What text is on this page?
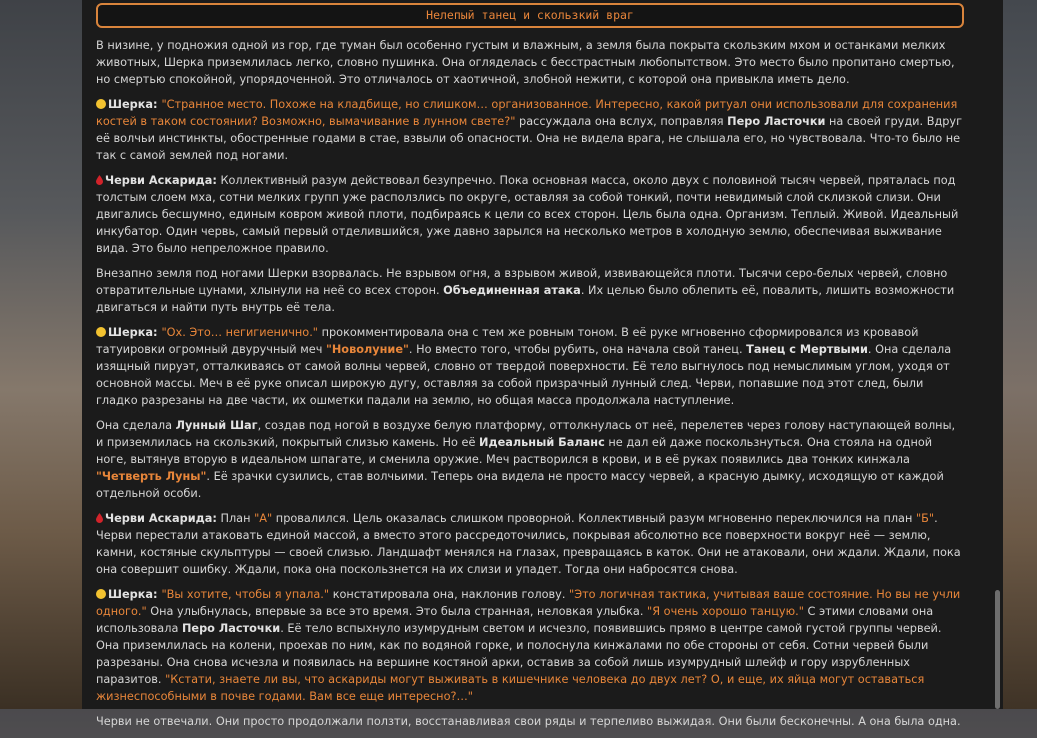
Нелепый танец и скользкий враг

В низине, у подножия одной из гор, где туман был особенно густым и влажным, а земля была покрыта скользким мхом и останками мелких животных, Шерка приземлилась легко, словно пушинка. Она огляделась с бесстрастным любопытством. Это место было пропитано смертью, но смертью спокойной, упорядоченной. Это отличалось от хаотичной, злобной нежити, с которой она привыкла иметь дело.

Шерка: "Странное место. Похоже на кладбище, но слишком… организованное. Интересно, какой ритуал они использовали для сохранения костей в таком состоянии? Возможно, вымачивание в лунном свете?" рассуждала она вслух, поправляя Перо Ласточки на своей груди. Вдруг её волчьи инстинкты, обостренные годами в стае, взвыли об опасности. Она не видела врага, не слышала его, но чувствовала. Что-то было не так с самой землей под ногами.

Черви Аскарида: Коллективный разум действовал безупречно. Пока основная масса, около двух с половиной тысяч червей, пряталась под толстым слоем мха, сотни мелких групп уже расползлись по округе, оставляя за собой тонкий, почти невидимый слой склизкой слизи. Они двигались бесшумно, единым ковром живой плоти, подбираясь к цели со всех сторон. Цель была одна. Организм. Теплый. Живой. Идеальный инкубатор. Один червь, самый первый отделившийся, уже давно зарылся на несколько метров в холодную землю, обеспечивая выживание вида. Это было непреложное правило.

Внезапно земля под ногами Шерки взорвалась. Не взрывом огня, а взрывом живой, извивающейся плоти. Тысячи серо-белых червей, словно отвратительные цунами, хлынули на неё со всех сторон. Объединенная атака. Их целью было облепить её, повалить, лишить возможности двигаться и найти путь внутрь её тела.

Шерка: "Ох. Это… негигиенично." прокомментировала она с тем же ровным тоном. В её руке мгновенно сформировался из кровавой татуировки огромный двуручный меч "Новолуние". Но вместо того, чтобы рубить, она начала свой танец. Танец с Мертвыми. Она сделала изящный пируэт, отталкиваясь от самой волны червей, словно от твердой поверхности. Её тело выгнулось под немыслимым углом, уходя от основной массы. Меч в её руке описал широкую дугу, оставляя за собой призрачный лунный след. Черви, попавшие под этот след, были гладко разрезаны на две части, их ошметки падали на землю, но общая масса продолжала наступление.

Она сделала Лунный Шаг, создав под ногой в воздухе белую платформу, оттолкнулась от неё, перелетев через голову наступающей волны, и приземлилась на скользкий, покрытый слизью камень. Но её Идеальный Баланс не дал ей даже поскользнуться. Она стояла на одной ноге, вытянув вторую в идеальном шпагате, и сменила оружие. Меч растворился в крови, и в её руках появились два тонких кинжала "Четверть Луны". Её зрачки сузились, став волчьими. Теперь она видела не просто массу червей, а красную дымку, исходящую от каждой отдельной особи.

Черви Аскарида: План "А" провалился. Цель оказалась слишком проворной. Коллективный разум мгновенно переключился на план "Б". Черви перестали атаковать единой массой, а вместо этого рассредоточились, покрывая абсолютно все поверхности вокруг неё — землю, камни, костяные скульптуры — своей слизью. Ландшафт менялся на глазах, превращаясь в каток. Они не атаковали, они ждали. Ждали, пока она совершит ошибку. Ждали, пока она поскользнется на их слизи и упадет. Тогда они набросятся снова.

Шерка: "Вы хотите, чтобы я упала." констатировала она, наклонив голову. "Это логичная тактика, учитывая ваше состояние. Но вы не учли одного." Она улыбнулась, впервые за все это время. Это была странная, неловкая улыбка. "Я очень хорошо танцую." С этими словами она использовала Перо Ласточки. Её тело вспыхнуло изумрудным светом и исчезло, появившись прямо в центре самой густой группы червей. Она приземлилась на колени, проехав по ним, как по водяной горке, и полоснула кинжалами по обе стороны от себя. Сотни червей были разрезаны. Она снова исчезла и появилась на вершине костяной арки, оставив за собой лишь изумрудный шлейф и гору изрубленных паразитов. "Кстати, знаете ли вы, что аскариды могут выживать в кишечнике человека до двух лет? О, и еще, их яйца могут оставаться жизнеспособными в почве годами. Вам все еще интересно?…"

Черви не отвечали. Они просто продолжали ползти, восстанавливая свои ряды и терпеливо выжидая. Они были бесконечны. А она была одна.
